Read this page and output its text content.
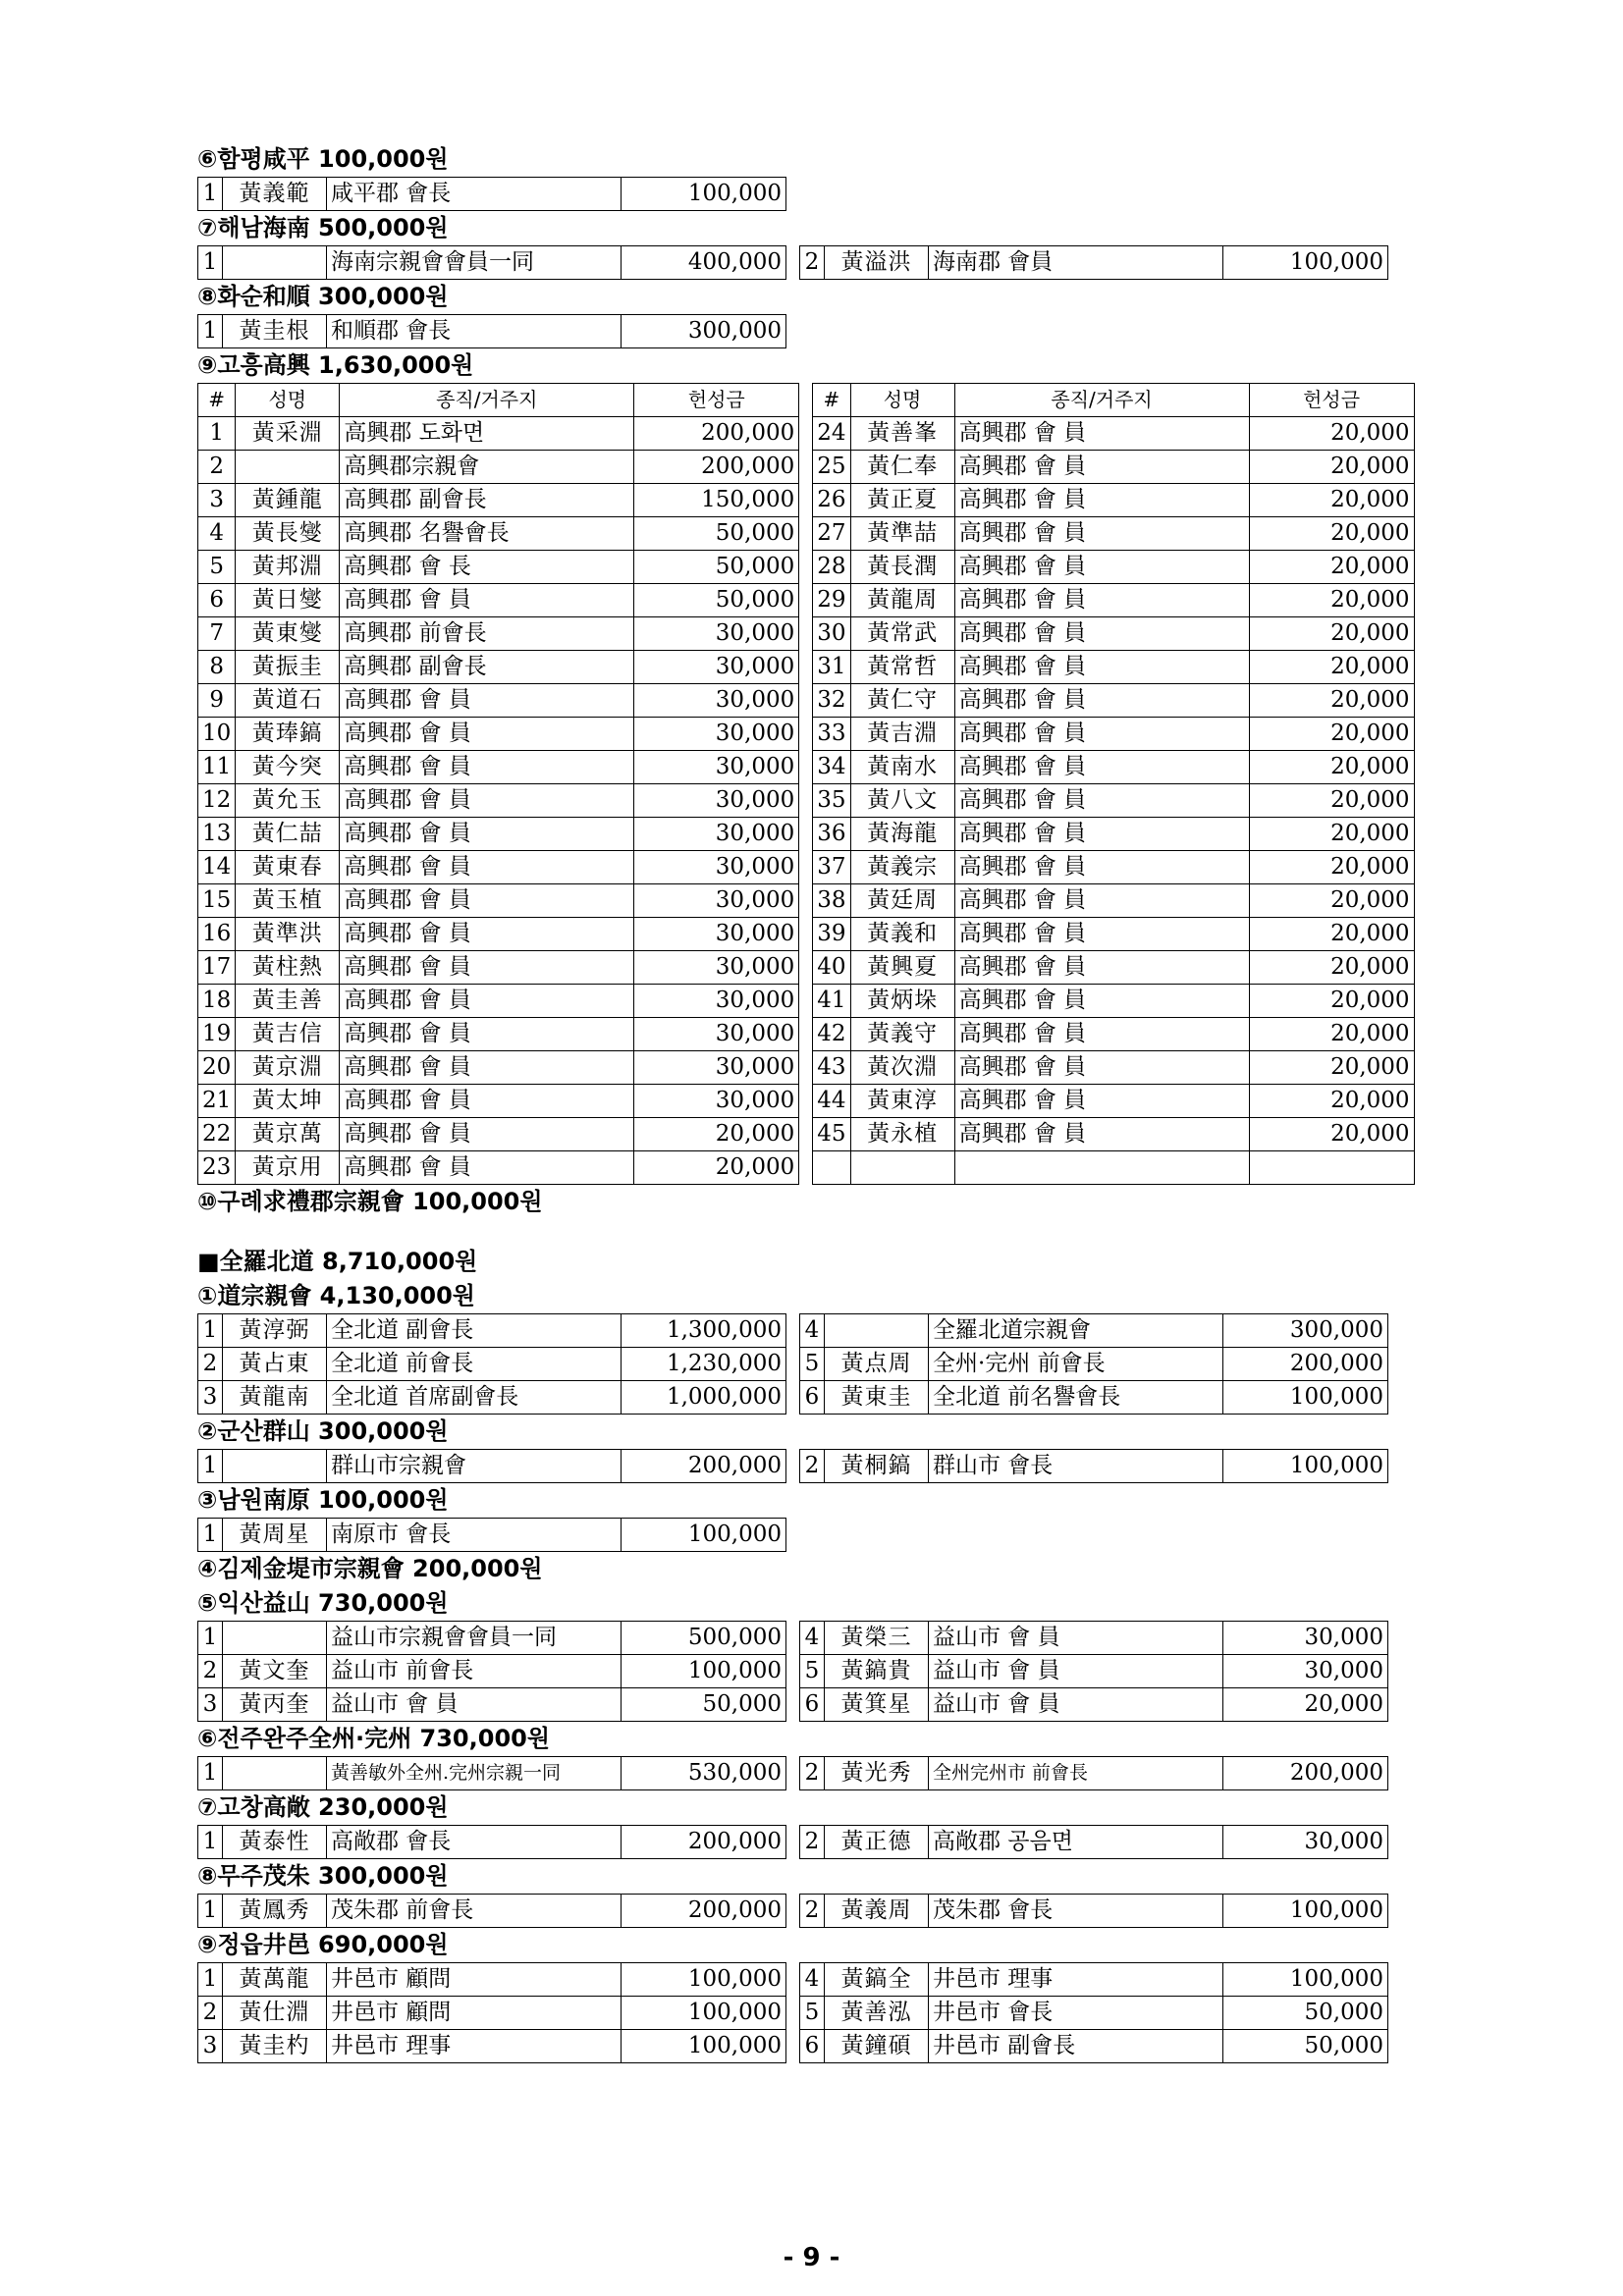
⑥함평咸平 100,000원
1	黃義範	咸平郡 會長	100,000
⑦해남海南 500,000원
1		海南宗親會會員一同	400,000		2	黃溢洪	海南郡 會員	100,000
⑧화순和順 300,000원
1	黃圭根	和順郡 會長	300,000
⑨고흥高興 1,630,000원
#	성명	종직/거주지	헌성금		#	성명	종직/거주지	헌성금
1	黃采淵	高興郡 도화면	200,000		24	黃善峯	高興郡 會 員	20,000
2		高興郡宗親會	200,000		25	黃仁奉	高興郡 會 員	20,000
3	黃鍾龍	高興郡 副會長	150,000		26	黃正夏	高興郡 會 員	20,000
4	黃長燮	高興郡 名譽會長	50,000		27	黃準喆	高興郡 會 員	20,000
5	黃邦淵	高興郡 會 長	50,000		28	黃長潤	高興郡 會 員	20,000
6	黃日燮	高興郡 會 員	50,000		29	黃龍周	高興郡 會 員	20,000
7	黃東燮	高興郡 前會長	30,000		30	黃常武	高興郡 會 員	20,000
8	黃振圭	高興郡 副會長	30,000		31	黃常哲	高興郡 會 員	20,000
9	黃道石	高興郡 會 員	30,000		32	黃仁守	高興郡 會 員	20,000
10	黃琫鎬	高興郡 會 員	30,000		33	黃吉淵	高興郡 會 員	20,000
11	黃今突	高興郡 會 員	30,000		34	黃南水	高興郡 會 員	20,000
12	黃允玉	高興郡 會 員	30,000		35	黃八文	高興郡 會 員	20,000
13	黃仁喆	高興郡 會 員	30,000		36	黃海龍	高興郡 會 員	20,000
14	黃東春	高興郡 會 員	30,000		37	黃義宗	高興郡 會 員	20,000
15	黃玉植	高興郡 會 員	30,000		38	黃廷周	高興郡 會 員	20,000
16	黃準洪	高興郡 會 員	30,000		39	黃義和	高興郡 會 員	20,000
17	黃柱熱	高興郡 會 員	30,000		40	黃興夏	高興郡 會 員	20,000
18	黃圭善	高興郡 會 員	30,000		41	黃炳垛	高興郡 會 員	20,000
19	黃吉信	高興郡 會 員	30,000		42	黃義守	高興郡 會 員	20,000
20	黃京淵	高興郡 會 員	30,000		43	黃次淵	高興郡 會 員	20,000
21	黃太坤	高興郡 會 員	30,000		44	黃東淳	高興郡 會 員	20,000
22	黃京萬	高興郡 會 員	20,000		45	黃永植	高興郡 會 員	20,000
23	黃京用	高興郡 會 員	20,000					
⑩구례求禮郡宗親會 100,000원
■全羅北道 8,710,000원
①道宗親會 4,130,000원
1	黃淳弼	全北道 副會長	1,300,000		4		全羅北道宗親會	300,000
2	黃占東	全北道 前會長	1,230,000		5	黃点周	全州·完州 前會長	200,000
3	黃龍南	全北道 首席副會長	1,000,000		6	黃東圭	全北道 前名譽會長	100,000
②군산群山 300,000원
1		群山市宗親會	200,000		2	黃桐鎬	群山市 會長	100,000
③남원南原 100,000원
1	黃周星	南原市 會長	100,000
④김제金堤市宗親會 200,000원
⑤익산益山 730,000원
1		益山市宗親會會員一同	500,000		4	黃榮三	益山市 會 員	30,000
2	黃文奎	益山市 前會長	100,000		5	黃鎬貴	益山市 會 員	30,000
3	黃丙奎	益山市 會 員	50,000		6	黃箕星	益山市 會 員	20,000
⑥전주완주全州·完州 730,000원
1		黃善敏外全州.完州宗親一同	530,000		2	黃光秀	全州完州市 前會長	200,000
⑦고창高敞 230,000원
1	黃泰性	高敞郡 會長	200,000		2	黃正德	高敞郡 공음면	30,000
⑧무주茂朱 300,000원
1	黃鳳秀	茂朱郡 前會長	200,000		2	黃義周	茂朱郡 會長	100,000
⑨정읍井邑 690,000원
1	黃萬龍	井邑市 顧問	100,000		4	黃鎬全	井邑市 理事	100,000
2	黃仕淵	井邑市 顧問	100,000		5	黃善泓	井邑市 會長	50,000
3	黃圭杓	井邑市 理事	100,000		6	黃鐘碩	井邑市 副會長	50,000
- 9 -
